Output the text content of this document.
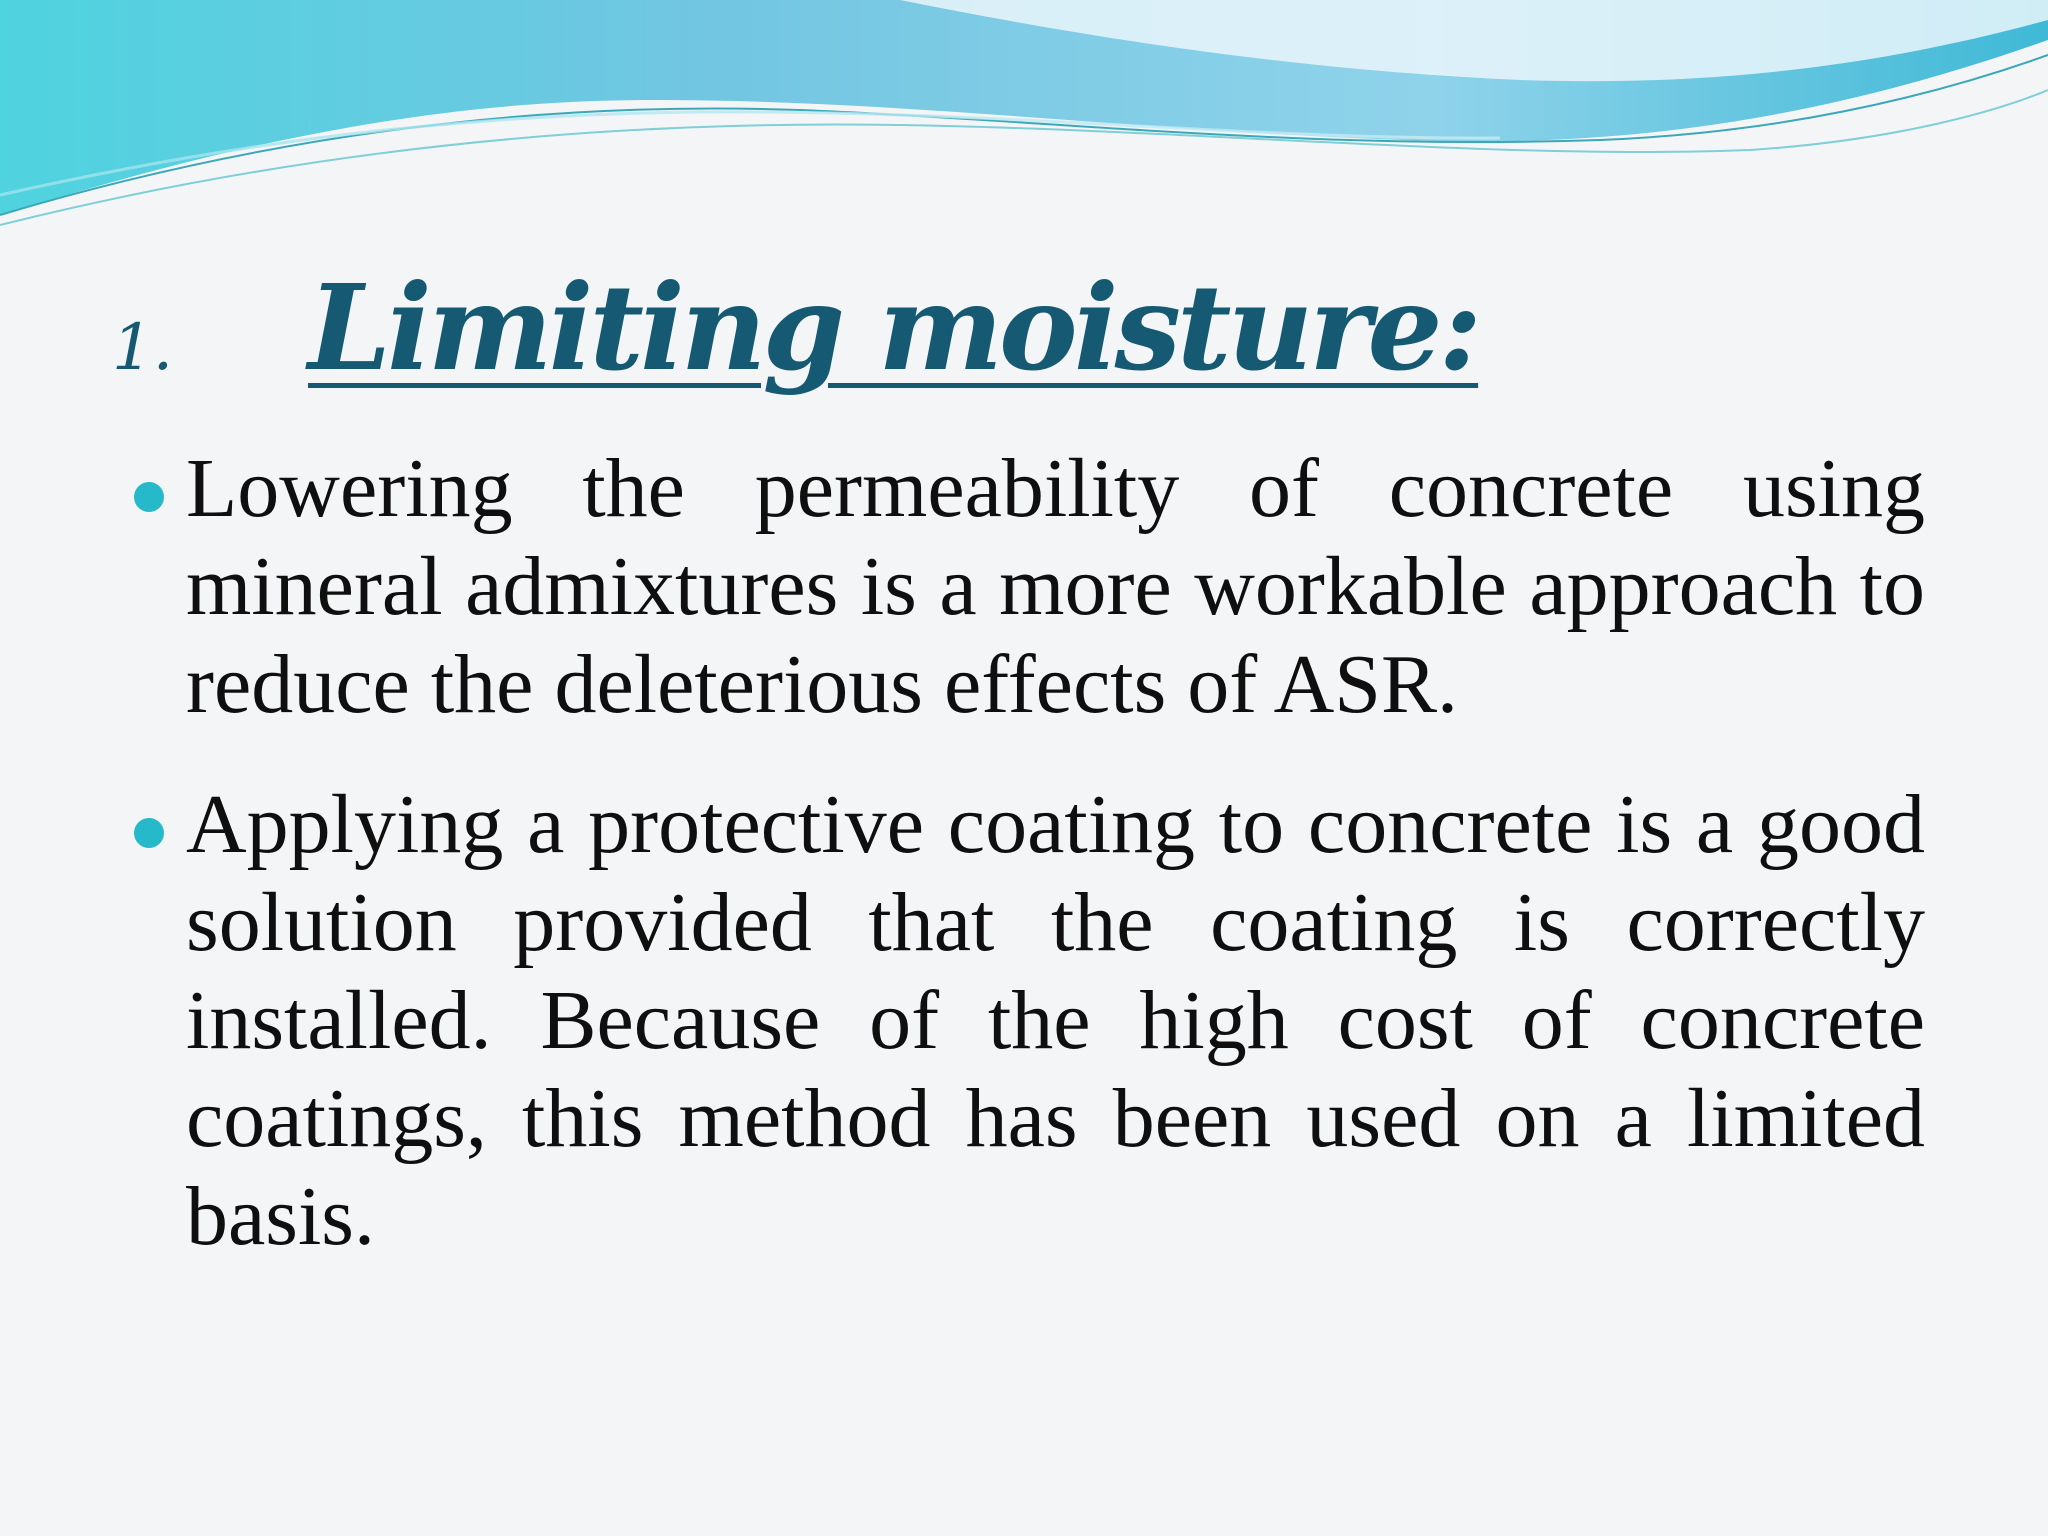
1.	Limiting moisture:
Lowering the permeability of concrete using mineral admixtures is a more workable approach to reduce the deleterious effects of ASR.
Applying a protective coating to concrete is a good solution provided that the coating is correctly installed. Because of the high cost of concrete coatings, this method has been used on a limited basis.
